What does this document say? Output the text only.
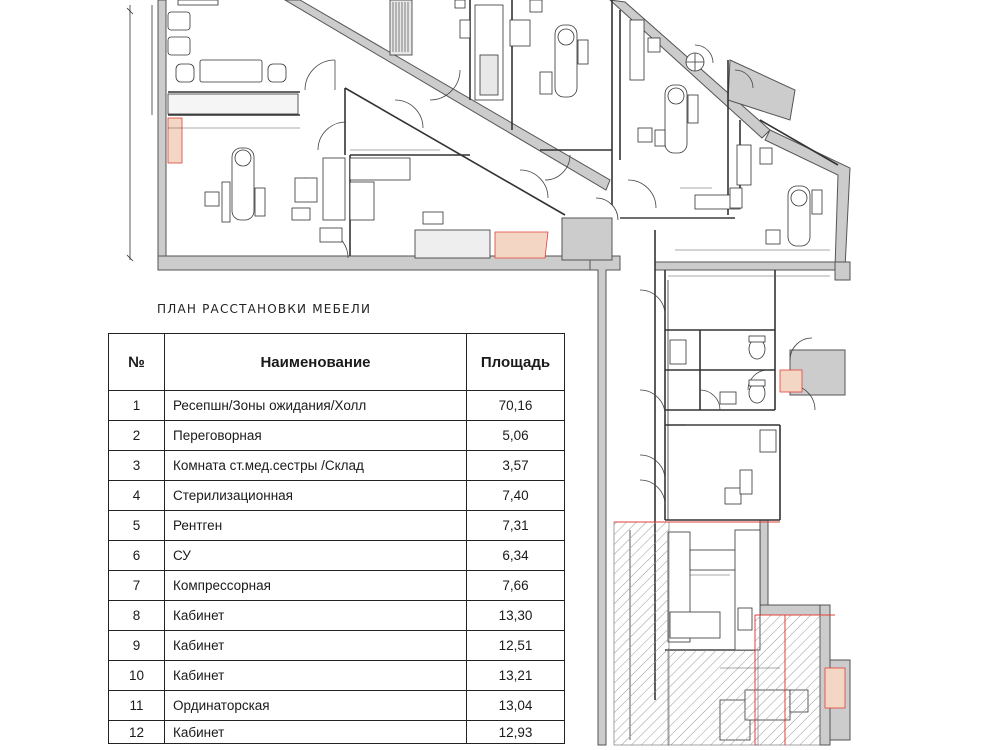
ПЛАН РАССТАНОВКИ МЕБЕЛИ
№	Наименование	Площадь
1	Ресепшн/Зоны ожидания/Холл	70,16
2	Переговорная	5,06
3	Комната ст.мед.сестры /Склад	3,57
4	Стерилизационная	7,40
5	Рентген	7,31
6	СУ	6,34
7	Компрессорная	7,66
8	Кабинет	13,30
9	Кабинет	12,51
10	Кабинет	13,21
11	Ординаторская	13,04
12	Кабинет	12,93
